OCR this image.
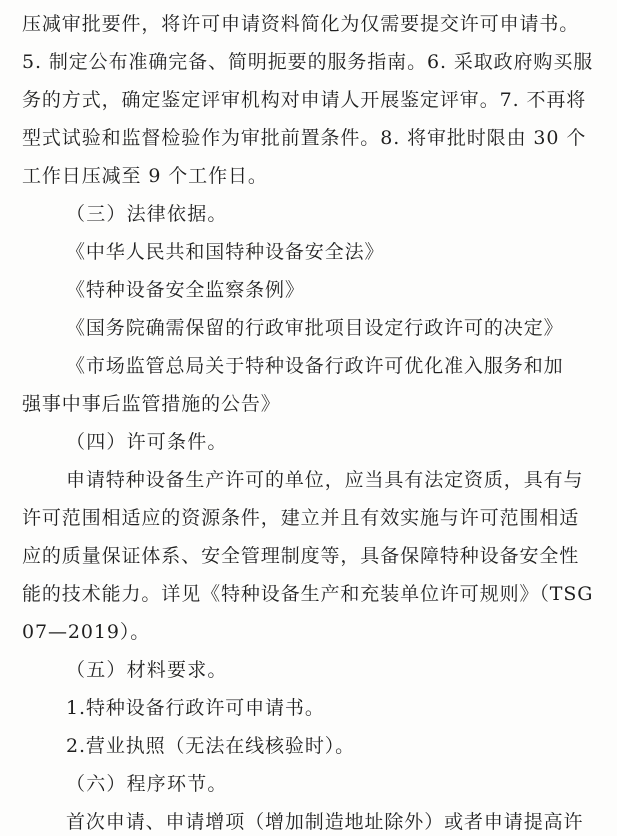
压减审批要件，将许可申请资料简化为仅需要提交许可申请书。
5. 制定公布准确完备、简明扼要的服务指南。6. 采取政府购买服
务的方式，确定鉴定评审机构对申请人开展鉴定评审。7. 不再将
型式试验和监督检验作为审批前置条件。8. 将审批时限由 30 个
工作日压减至 9 个工作日。
（三）法律依据。
《中华人民共和国特种设备安全法》
《特种设备安全监察条例》
《国务院确需保留的行政审批项目设定行政许可的决定》
《市场监管总局关于特种设备行政许可优化准入服务和加
强事中事后监管措施的公告》
（四）许可条件。
申请特种设备生产许可的单位，应当具有法定资质，具有与
许可范围相适应的资源条件，建立并且有效实施与许可范围相适
应的质量保证体系、安全管理制度等，具备保障特种设备安全性
能的技术能力。详见《特种设备生产和充装单位许可规则》（TSG
07—2019）。
（五）材料要求。
1.特种设备行政许可申请书。
2.营业执照（无法在线核验时）。
（六）程序环节。
首次申请、申请增项（增加制造地址除外）或者申请提高许
